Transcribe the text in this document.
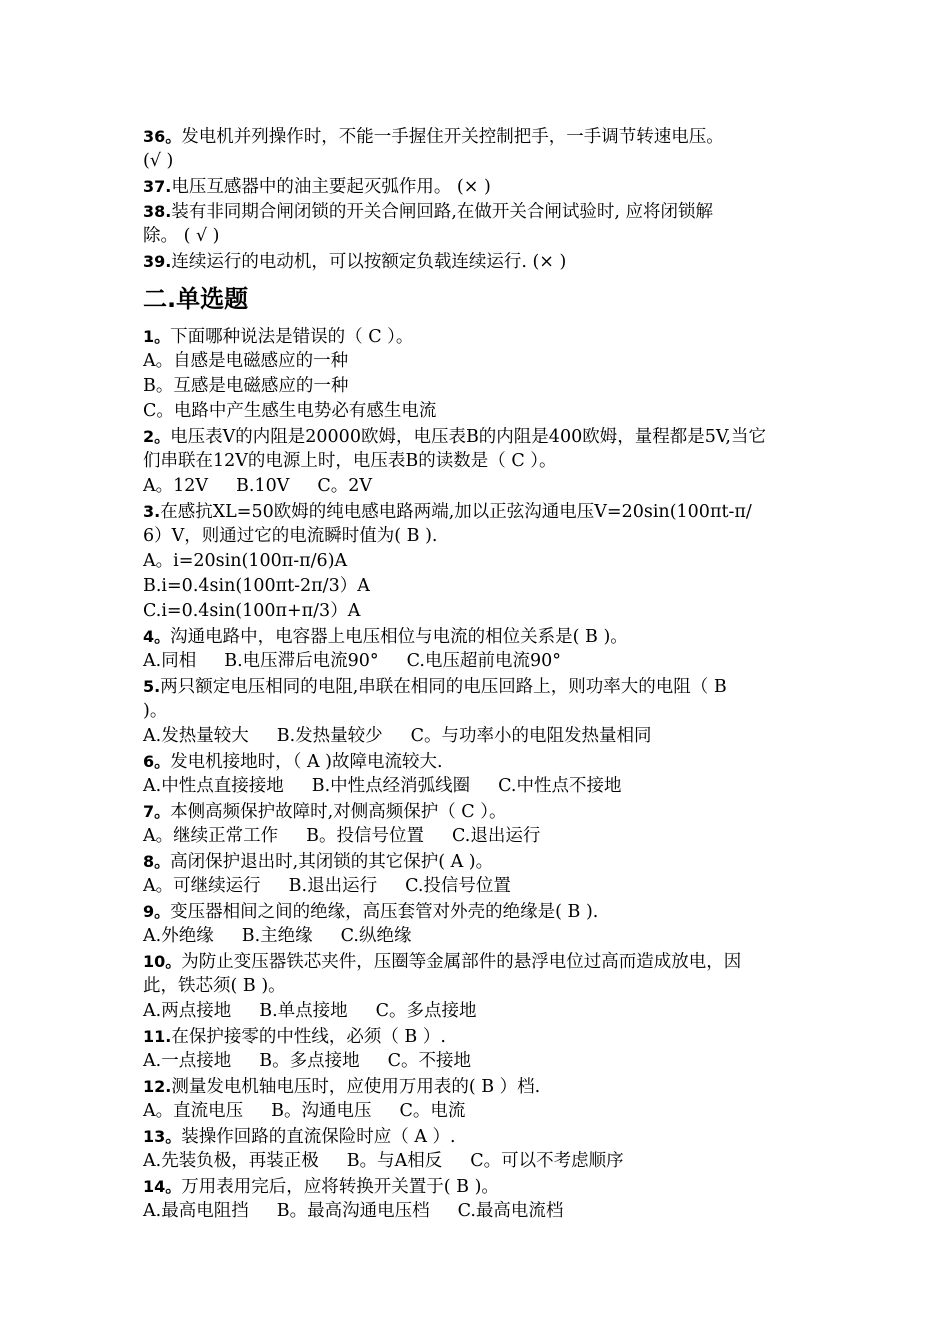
36。发电机并列操作时，不能一手握住开关控制把手，一手调节转速电压。
(√ )
37.电压互感器中的油主要起灭弧作用。 (× )
38.装有非同期合闸闭锁的开关合闸回路,在做开关合闸试验时, 应将闭锁解
除。 ( √ )
39.连续运行的电动机，可以按额定负载连续运行. (× )
二.单选题
1。下面哪种说法是错误的（ C ）。
A。自感是电磁感应的一种
B。互感是电磁感应的一种
C。电路中产生感生电势必有感生电流
2。电压表V的内阻是20000欧姆，电压表B的内阻是400欧姆，量程都是5V,当它
们串联在12V的电源上时，电压表B的读数是（ C ）。
A。12V B.10V C。2V
3.在感抗XL=50欧姆的纯电感电路两端,加以正弦沟通电压V=20sin(100πt-π/
6）V，则通过它的电流瞬时值为( B ).
A。i=20sin(100π-π/6)A
B.i=0.4sin(100πt-2π/3）A
C.i=0.4sin(100π+π/3）A
4。沟通电路中，电容器上电压相位与电流的相位关系是( B )。
A.同相 B.电压滞后电流90° C.电压超前电流90°
5.两只额定电压相同的电阻,串联在相同的电压回路上，则功率大的电阻（ B
)。
A.发热量较大 B.发热量较少 C。与功率小的电阻发热量相同
6。发电机接地时，（ A )故障电流较大.
A.中性点直接接地 B.中性点经消弧线圈 C.中性点不接地
7。本侧高频保护故障时,对侧高频保护（ C ）。
A。继续正常工作 B。投信号位置 C.退出运行
8。高闭保护退出时,其闭锁的其它保护( A )。
A。可继续运行 B.退出运行 C.投信号位置
9。变压器相间之间的绝缘，高压套管对外壳的绝缘是( B ).
A.外绝缘 B.主绝缘 C.纵绝缘
10。为防止变压器铁芯夹件，压圈等金属部件的悬浮电位过高而造成放电，因
此，铁芯须( B )。
A.两点接地 B.单点接地 C。多点接地
11.在保护接零的中性线，必须（ B ）.
A.一点接地 B。多点接地 C。不接地
12.测量发电机轴电压时，应使用万用表的( B ）档.
A。直流电压 B。沟通电压 C。电流
13。装操作回路的直流保险时应（ A ）.
A.先装负极，再装正极 B。与A相反 C。可以不考虑顺序
14。万用表用完后，应将转换开关置于( B )。
A.最高电阻挡 B。最高沟通电压档 C.最高电流档
